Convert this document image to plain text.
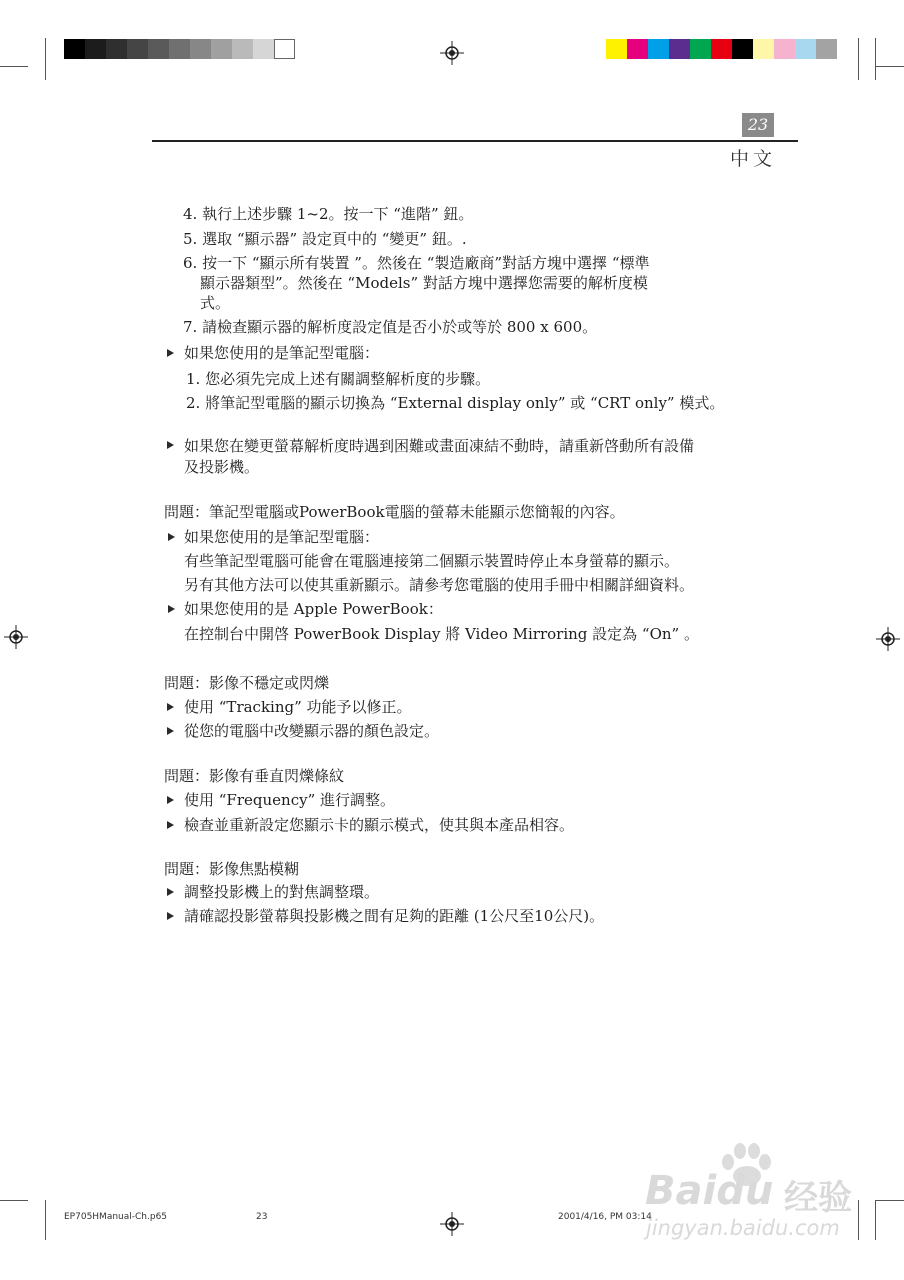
23
中文
4. 執行上述步驟 1~2。按一下 “進階” 鈕。
5. 選取 “顯示器” 設定頁中的 “變更” 鈕。.
6. 按一下 “顯示所有裝置 ”。然後在 “製造廠商”對話方塊中選擇 “標準
顯示器類型”。然後在 “Models” 對話方塊中選擇您需要的解析度模
式。
7. 請檢查顯示器的解析度設定值是否小於或等於 800 x 600。
如果您使用的是筆記型電腦：
1. 您必須先完成上述有關調整解析度的步驟。
2. 將筆記型電腦的顯示切換為 “External display only” 或 “CRT only” 模式。
如果您在變更螢幕解析度時遇到困難或畫面凍結不動時，請重新啓動所有設備
及投影機。
問題：筆記型電腦或PowerBook電腦的螢幕未能顯示您簡報的內容。
如果您使用的是筆記型電腦：
有些筆記型電腦可能會在電腦連接第二個顯示裝置時停止本身螢幕的顯示。
另有其他方法可以使其重新顯示。請參考您電腦的使用手冊中相關詳細資料。
如果您使用的是 Apple PowerBook：
在控制台中開啓 PowerBook Display 將 Video Mirroring 設定為 “On” 。
問題：影像不穩定或閃爍
使用 “Tracking” 功能予以修正。
從您的電腦中改變顯示器的顏色設定。
問題：影像有垂直閃爍條紋
使用 “Frequency” 進行調整。
檢查並重新設定您顯示卡的顯示模式，使其與本產品相容。
問題：影像焦點模糊
調整投影機上的對焦調整環。
請確認投影螢幕與投影機之間有足夠的距離 (1公尺至10公尺)。
EP705HManual-Ch.p65	23	2001/4/16, PM 03:14
Baidu 经验
jingyan.baidu.com
